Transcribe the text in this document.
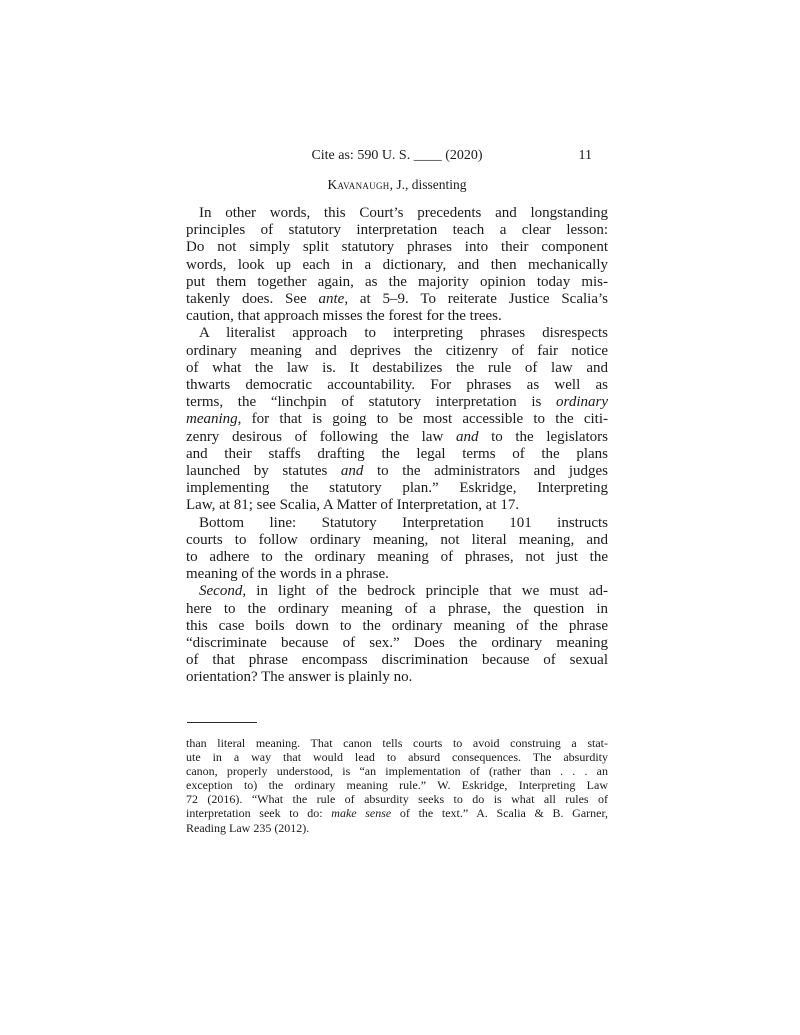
Cite as: 590 U. S. ____ (2020)	11
Kavanaugh, J., dissenting
In other words, this Court’s precedents and longstanding
principles of statutory interpretation teach a clear lesson:
Do not simply split statutory phrases into their component
words, look up each in a dictionary, and then mechanically
put them together again, as the majority opinion today mis-
takenly does. See ante, at 5–9. To reiterate Justice Scalia’s
caution, that approach misses the forest for the trees.
A literalist approach to interpreting phrases disrespects
ordinary meaning and deprives the citizenry of fair notice
of what the law is. It destabilizes the rule of law and
thwarts democratic accountability. For phrases as well as
terms, the “linchpin of statutory interpretation is ordinary
meaning, for that is going to be most accessible to the citi-
zenry desirous of following the law and to the legislators
and their staffs drafting the legal terms of the plans
launched by statutes and to the administrators and judges
implementing the statutory plan.” Eskridge, Interpreting
Law, at 81; see Scalia, A Matter of Interpretation, at 17.
Bottom line: Statutory Interpretation 101 instructs
courts to follow ordinary meaning, not literal meaning, and
to adhere to the ordinary meaning of phrases, not just the
meaning of the words in a phrase.
Second, in light of the bedrock principle that we must ad-
here to the ordinary meaning of a phrase, the question in
this case boils down to the ordinary meaning of the phrase
“discriminate because of sex.” Does the ordinary meaning
of that phrase encompass discrimination because of sexual
orientation? The answer is plainly no.
than literal meaning. That canon tells courts to avoid construing a stat-
ute in a way that would lead to absurd consequences. The absurdity
canon, properly understood, is “an implementation of (rather than . . . an
exception to) the ordinary meaning rule.” W. Eskridge, Interpreting Law
72 (2016). “What the rule of absurdity seeks to do is what all rules of
interpretation seek to do: make sense of the text.” A. Scalia & B. Garner,
Reading Law 235 (2012).
